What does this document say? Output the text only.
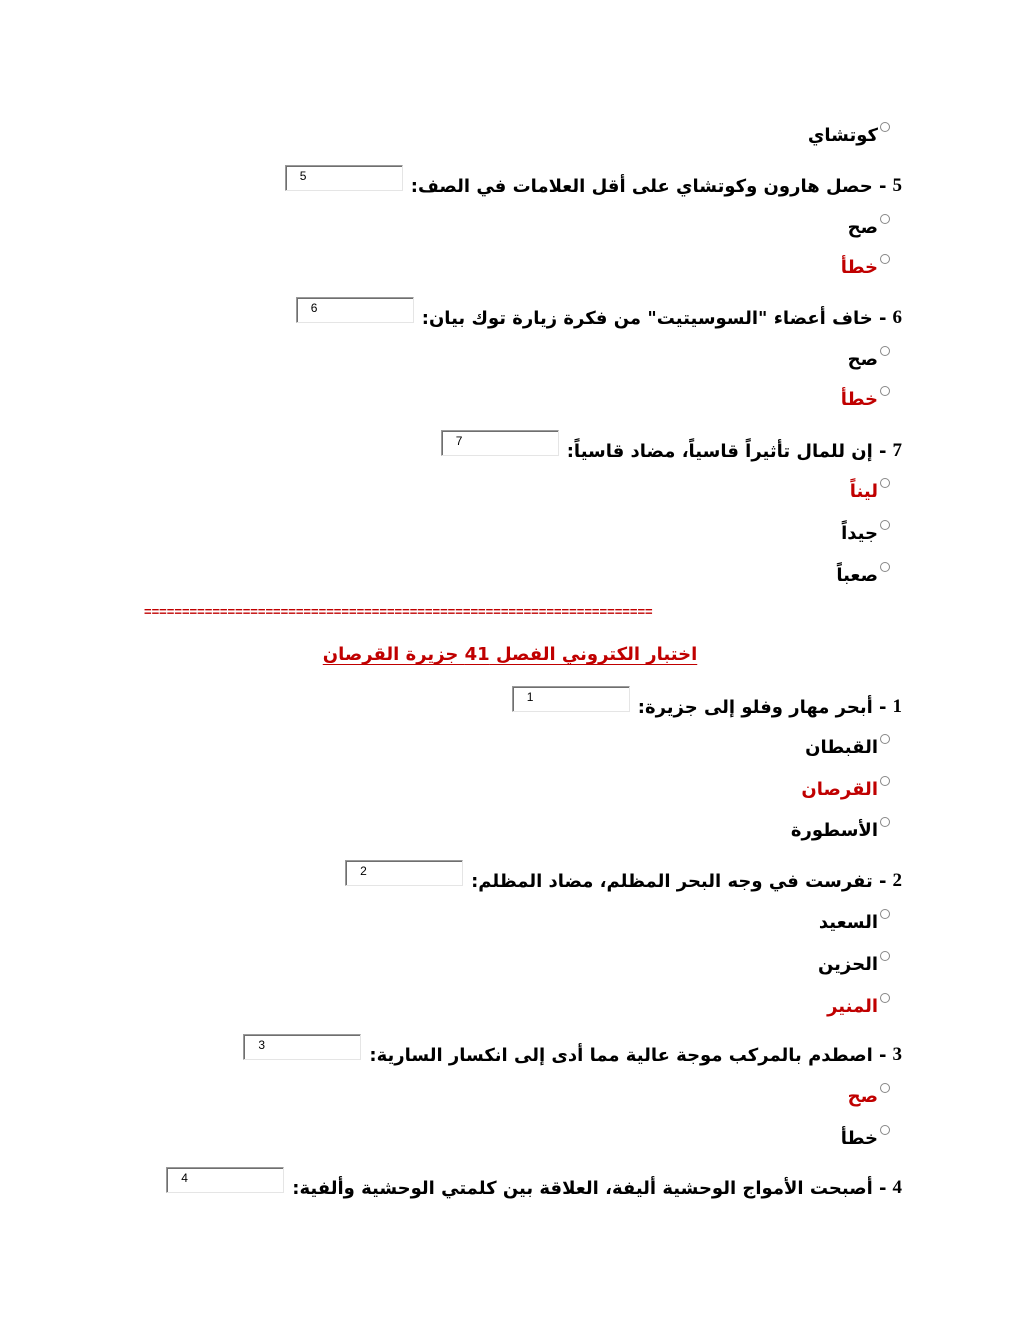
كوتشاي
5
- حصل هارون وكوتشاي على أقل العلامات في الصف:
5
صح
خطأ
6
- خاف أعضاء "السوسيتيت" من فكرة زيارة توك بيان:
6
صح
خطأ
7
- إن للمال تأثيراً قاسياً، مضاد قاسياً:
7
ليناً
جيداً
صعباً
===================================================================
اختبار الكتروني الفصل 41 جزيرة القرصان
1
- أبحر مهار وفلو إلى جزيرة:
1
القبطان
القرصان
الأسطورة
2
- تفرست في وجه البحر المظلم، مضاد المظلم:
2
السعيد
الحزين
المنير
3
- اصطدم بالمركب موجة عالية مما أدى إلى انكسار السارية:
3
صح
خطأ
4
- أصبحت الأمواج الوحشية أليفة، العلاقة بين كلمتي الوحشية وألفية:
4
